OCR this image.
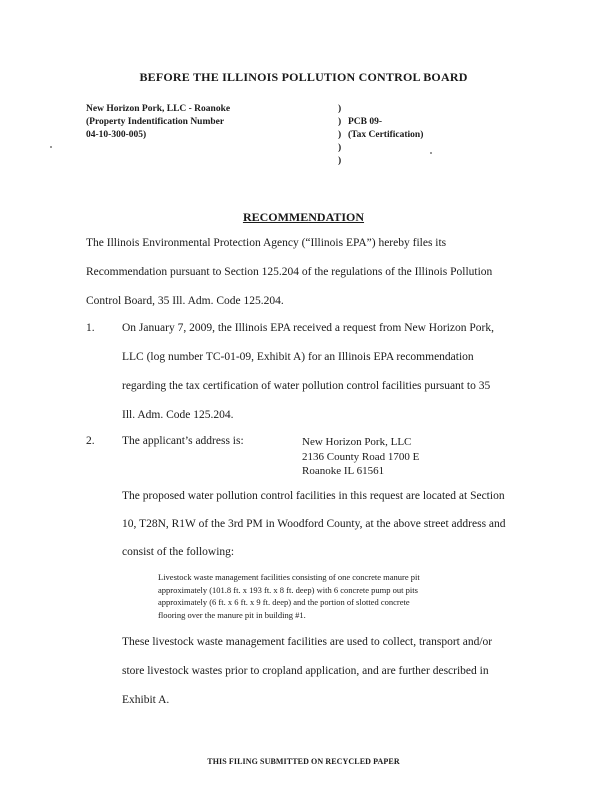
BEFORE THE ILLINOIS POLLUTION CONTROL BOARD
New Horizon Pork, LLC - Roanoke
(Property Indentification Number
04-10-300-005)
)
)
)
)
)
PCB 09-
(Tax Certification)
RECOMMENDATION
The Illinois Environmental Protection Agency (“Illinois EPA”) hereby files its
Recommendation pursuant to Section 125.204 of the regulations of the Illinois Pollution
Control Board, 35 Ill. Adm. Code 125.204.
1. On January 7, 2009, the Illinois EPA received a request from New Horizon Pork,
LLC (log number TC-01-09, Exhibit A) for an Illinois EPA recommendation
regarding the tax certification of water pollution control facilities pursuant to 35
Ill. Adm. Code 125.204.
2. The applicant’s address is:	New Horizon Pork, LLC
2136 County Road 1700 E
Roanoke IL 61561
The proposed water pollution control facilities in this request are located at Section
10, T28N, R1W of the 3rd PM in Woodford County, at the above street address and
consist of the following:
Livestock waste management facilities consisting of one concrete manure pit
approximately (101.8 ft. x 193 ft. x 8 ft. deep) with 6 concrete pump out pits
approximately (6 ft. x 6 ft. x 9 ft. deep) and the portion of slotted concrete
flooring over the manure pit in building #1.
These livestock waste management facilities are used to collect, transport and/or
store livestock wastes prior to cropland application, and are further described in
Exhibit A.
THIS FILING SUBMITTED ON RECYCLED PAPER
